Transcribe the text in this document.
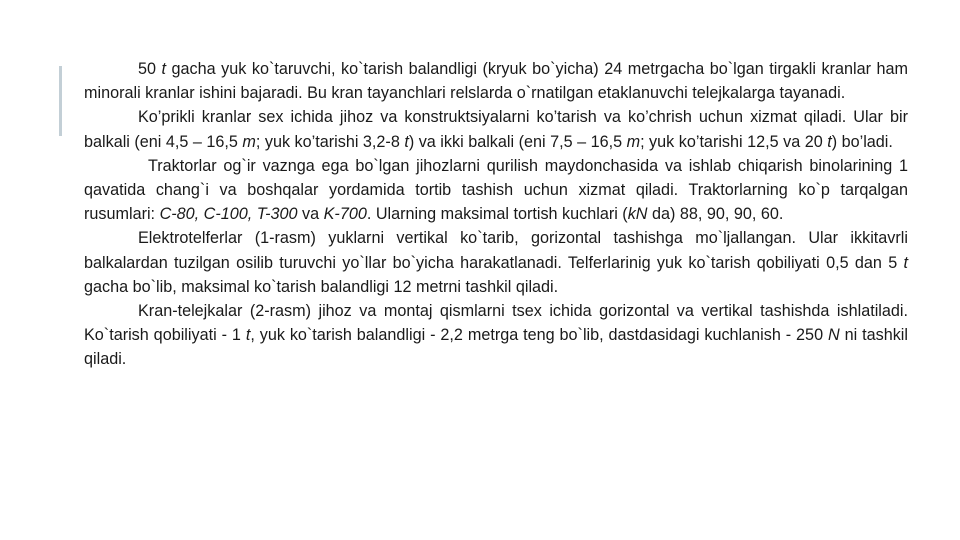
50 t gacha yuk ko`taruvchi, ko`tarish balandligi (kryuk bo`yicha) 24 metrgacha bo`lgan tirgakli kranlar ham minorali kranlar ishini bajaradi. Bu kran tayanchlari relslarda o`rnatilgan etaklanuvchi telejkalarga tayanadi.

Ko’prikli kranlar sex ichida jihoz va konstruktsiyalarni ko’tarish va ko’chrish uchun xizmat qiladi. Ular bir balkali (eni 4,5 – 16,5 m; yuk ko’tarishi 3,2-8 t) va ikki balkali (eni 7,5 – 16,5 m; yuk ko’tarishi 12,5 va 20 t) bo’ladi.

Traktorlar og`ir vaznga ega bo`lgan jihozlarni qurilish maydonchasida va ishlab chiqarish binolarining 1 qavatida chang`i va boshqalar yordamida tortib tashish uchun xizmat qiladi. Traktorlarning ko`p tarqalgan rusumlari: C-80, C-100, T-300 va K-700. Ularning maksimal tortish kuchlari (kN da) 88, 90, 90, 60.

Elektrotelferlar (1-rasm) yuklarni vertikal ko`tarib, gorizontal tashishga mo`ljallangan. Ular ikkitavrli balkalardan tuzilgan osilib turuvchi yo`llar bo`yicha harakatlanadi. Telferlarinig yuk ko`tarish qobiliyati 0,5 dan 5 t gacha bo`lib, maksimal ko`tarish balandligi 12 metrni tashkil qiladi.

Kran-telejkalar (2-rasm) jihoz va montaj qismlarni tsex ichida gorizontal va vertikal tashishda ishlatiladi. Ko`tarish qobiliyati - 1 t, yuk ko`tarish balandligi - 2,2 metrga teng bo`lib, dastdasidagi kuchlanish - 250 N ni tashkil qiladi.
